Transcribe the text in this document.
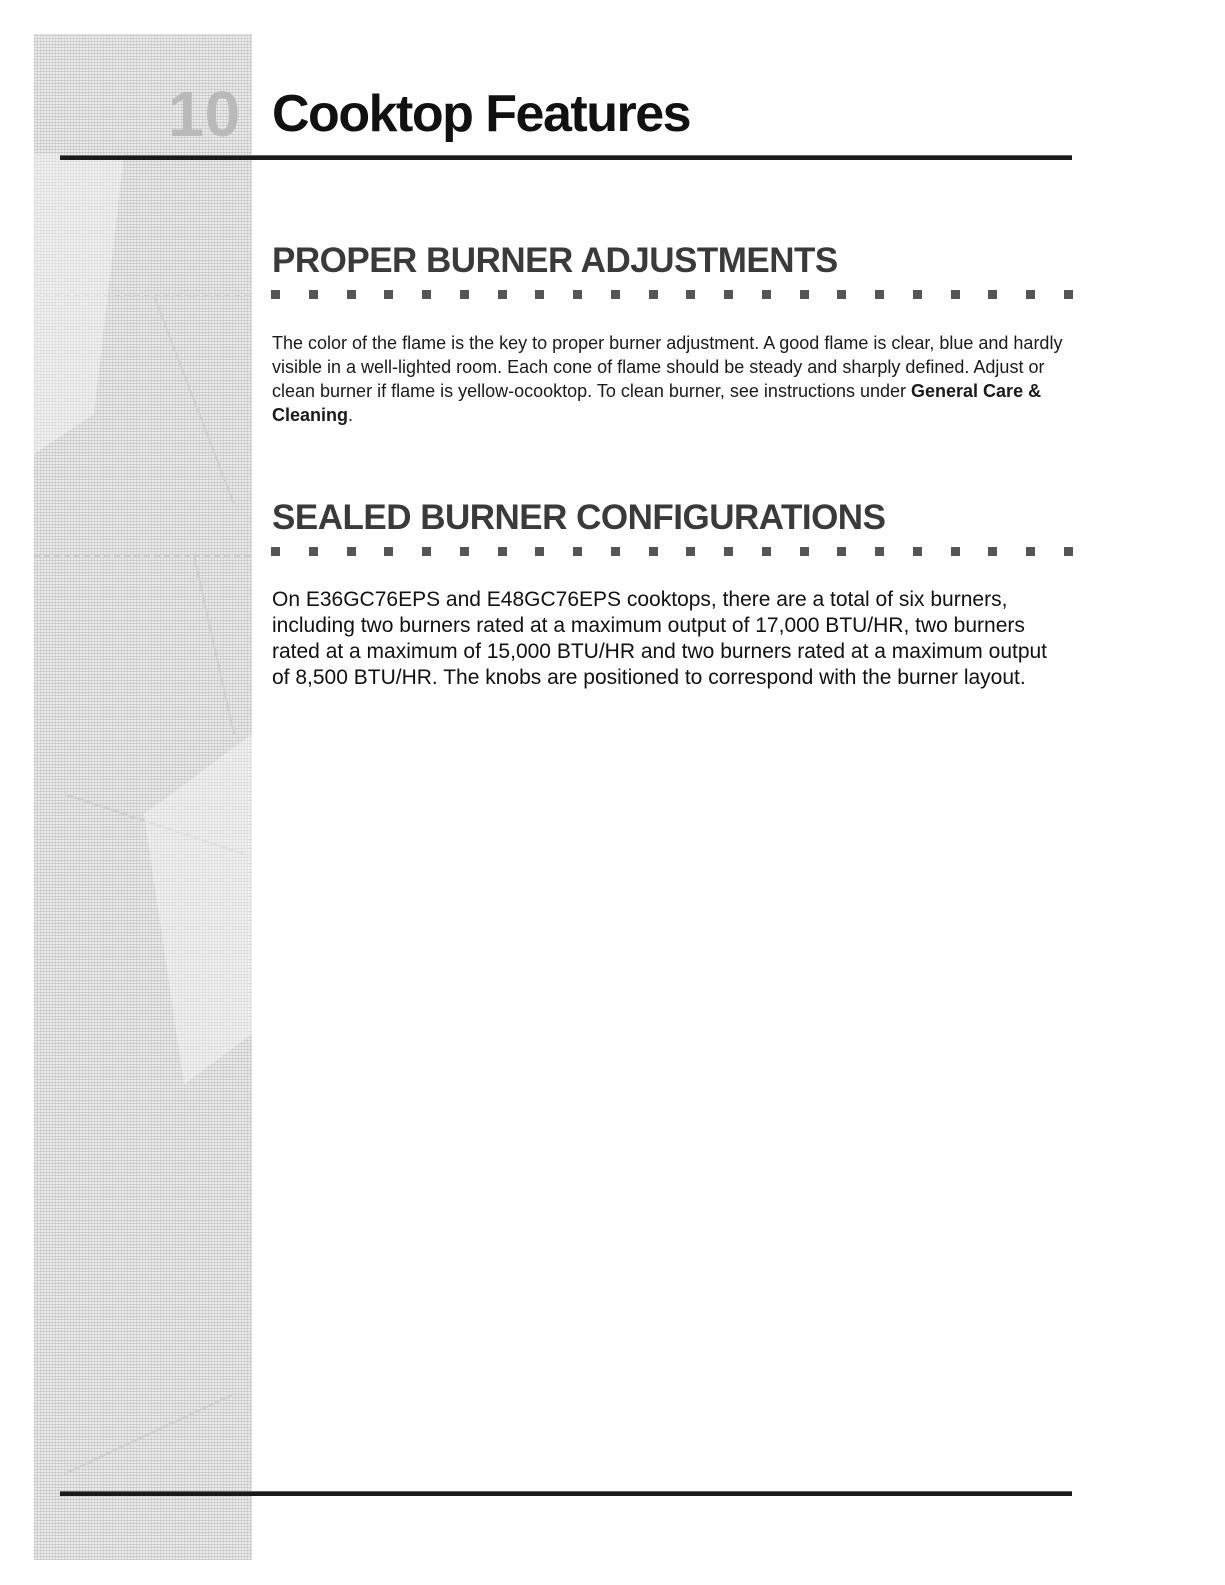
10 Cooktop Features
PROPER BURNER ADJUSTMENTS

The color of the flame is the key to proper burner adjustment. A good flame is clear, blue and hardly visible in a well-lighted room. Each cone of flame should be steady and sharply defined. Adjust or clean burner if flame is yellow-ocooktop. To clean burner, see instructions under General Care & Cleaning.

SEALED BURNER CONFIGURATIONS

On E36GC76EPS and E48GC76EPS cooktops, there are a total of six burners, including two burners rated at a maximum output of 17,000 BTU/HR, two burners rated at a maximum of 15,000 BTU/HR and two burners rated at a maximum output of 8,500 BTU/HR. The knobs are positioned to correspond with the burner layout.
